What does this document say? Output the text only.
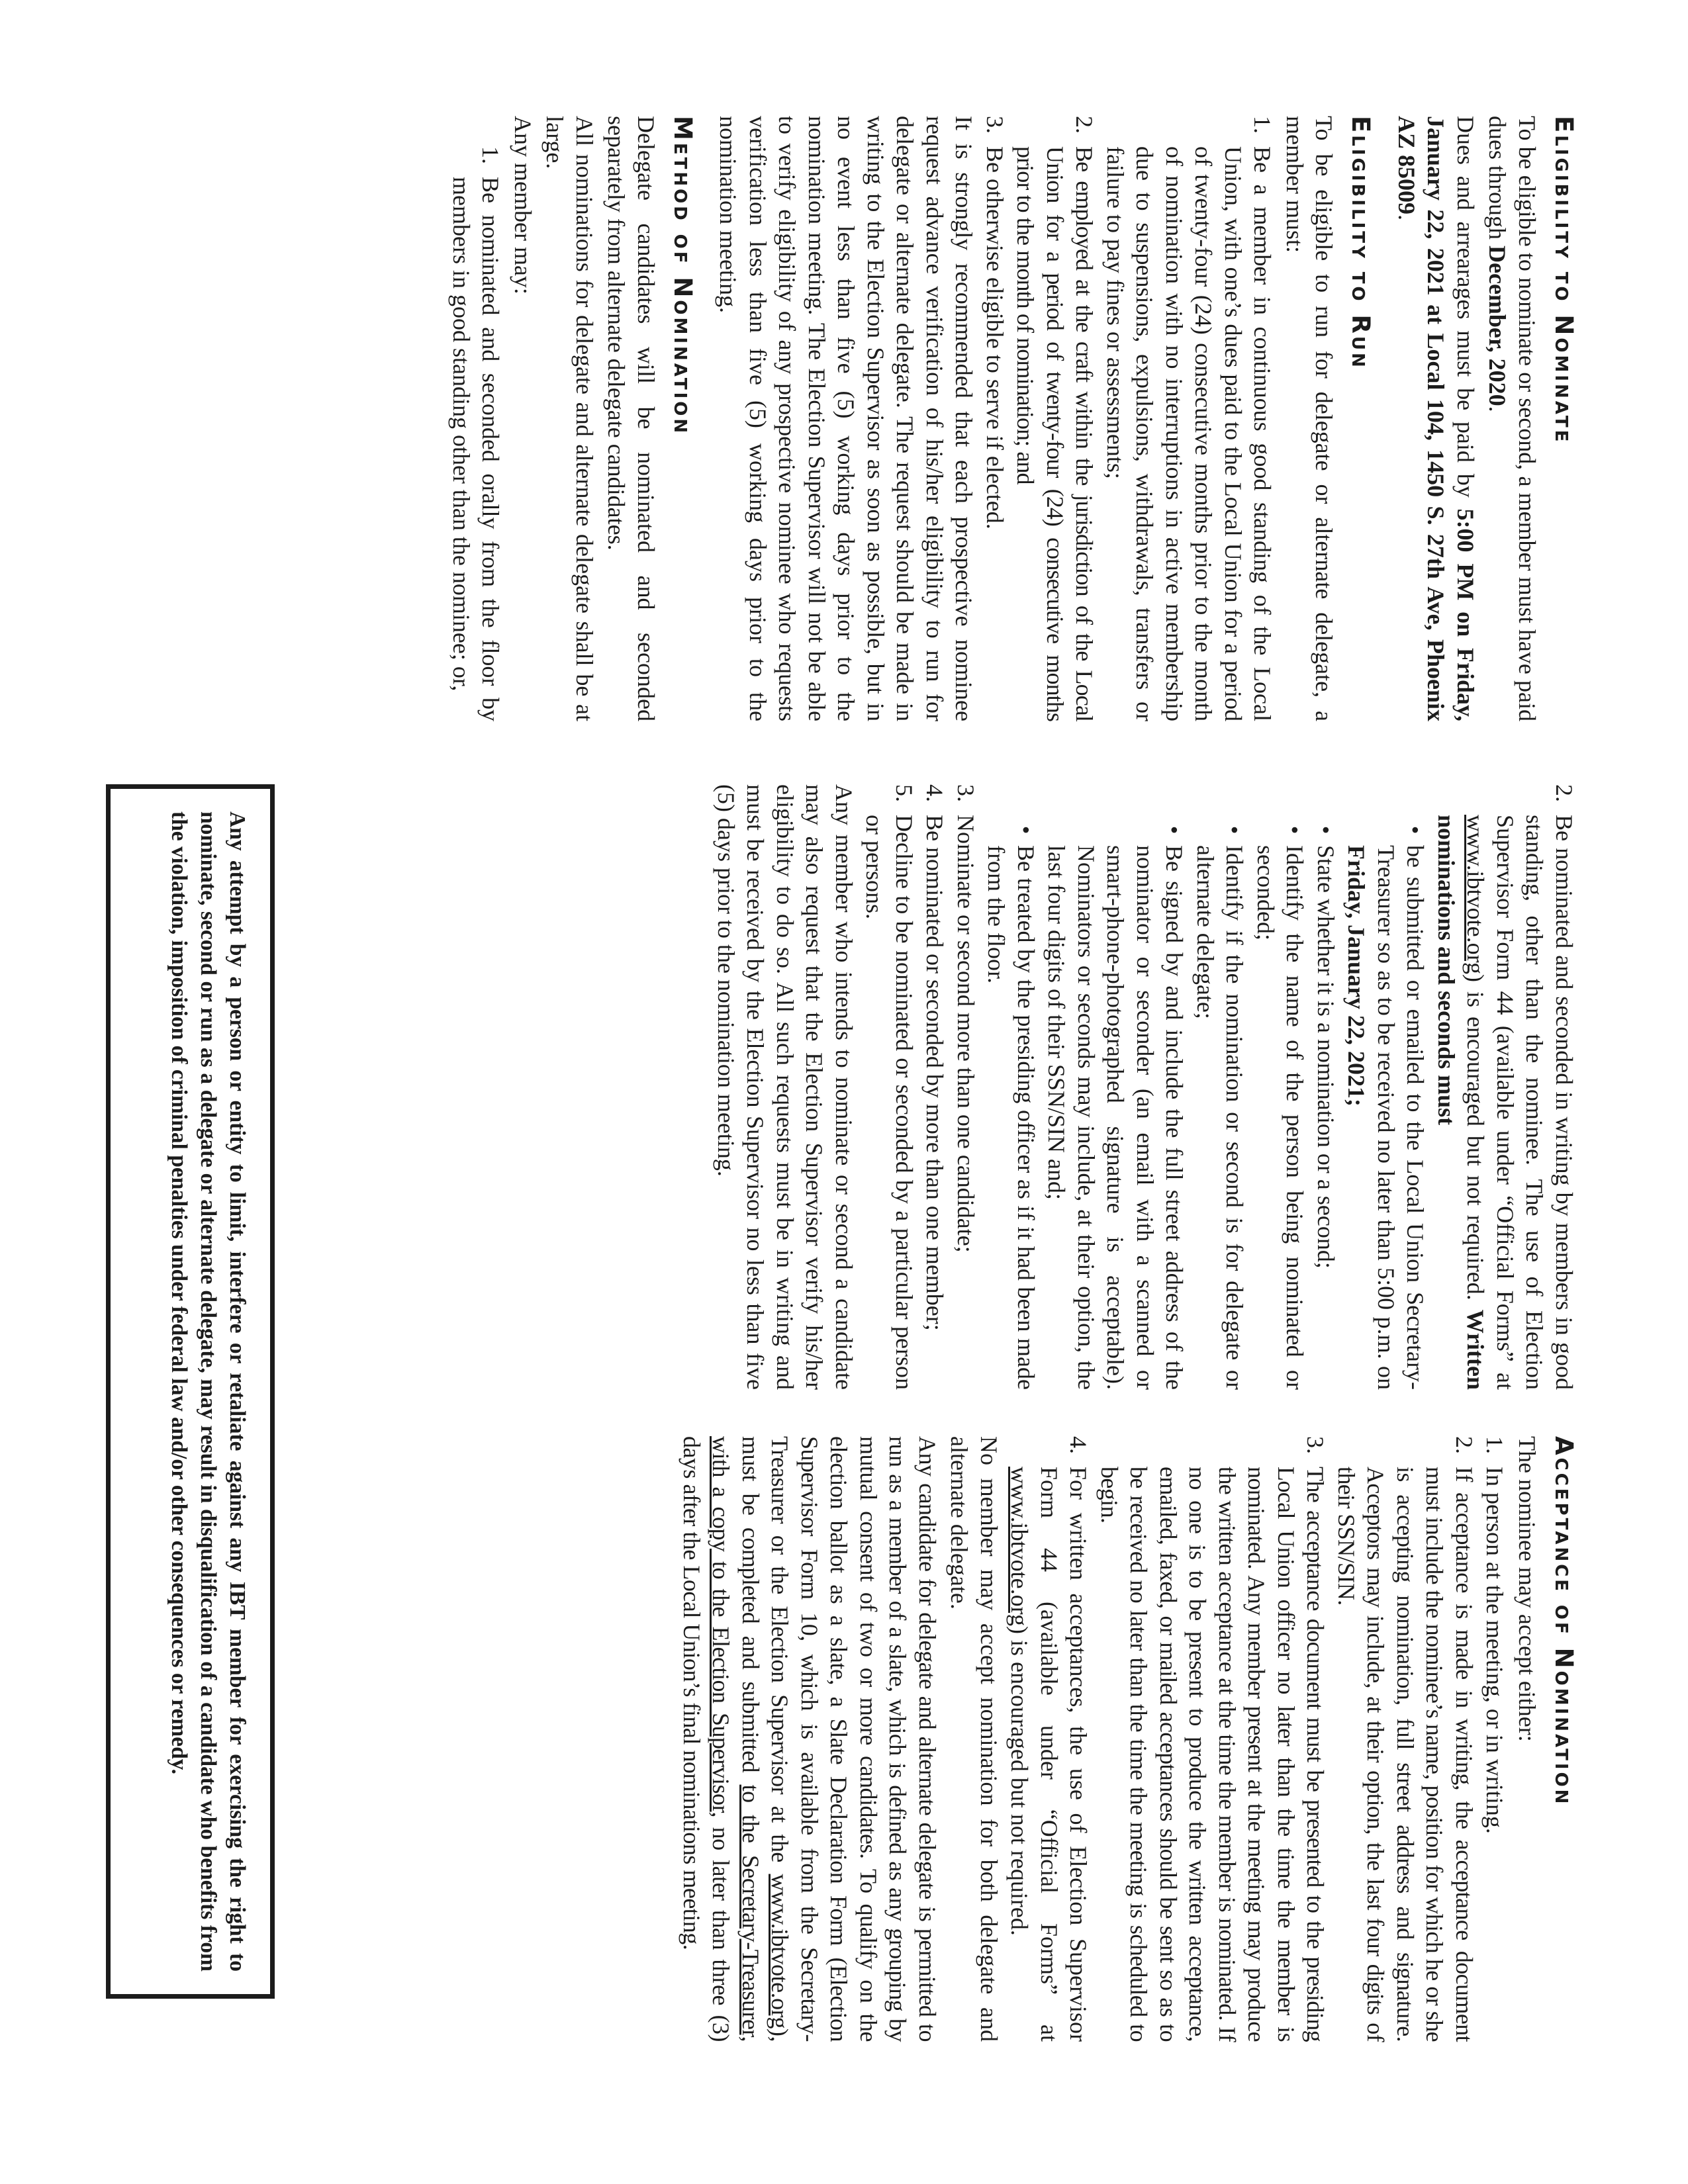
Eligibility to Nominate

To be eligible to nominate or second, a member must have paid dues through December, 2020.

Dues and arrearages must be paid by 5:00 PM on Friday, January 22, 2021 at Local 104, 1450 S. 27th Ave, Phoenix AZ 85009.

Eligibility to Run

To be eligible to run for delegate or alternate delegate, a member must:

1.
Be a member in continuous good standing of the Local Union, with one’s dues paid to the Local Union for a period of twenty-four (24) consecutive months prior to the month of nomination with no interruptions in active membership due to suspensions, expulsions, withdrawals, transfers or failure to pay fines or assessments;
2.
Be employed at the craft within the jurisdiction of the Local Union for a period of twenty-four (24) consecutive months prior to the month of nomination; and
3.
Be otherwise eligible to serve if elected.

It is strongly recommended that each prospective nominee request advance verification of his/her eligibility to run for delegate or alternate delegate. The request should be made in writing to the Election Supervisor as soon as possible, but in no event less than five (5) working days prior to the nomination meeting. The Election Supervisor will not be able to verify eligibility of any prospective nominee who requests verification less than five (5) working days prior to the nomination meeting.

Method of Nomination

Delegate candidates will be nominated and seconded separately from alternate delegate candidates.

All nominations for delegate and alternate delegate shall be at large.

Any member may:

1.
Be nominated and seconded orally from the floor by members in good standing other than the nominee; or,
2.
Be nominated and seconded in writing by members in good standing, other than the nominee. The use of Election Supervisor Form 44 (available under “Official Forms” at www.ibtvote.org) is encouraged but not required. Written nominations and seconds must
•
be submitted or emailed to the Local Union Secretary-Treasurer so as to be received no later than 5:00 p.m. on Friday, January 22, 2021;
•
State whether it is a nomination or a second;
•
Identify the name of the person being nominated or seconded;
•
Identify if the nomination or second is for delegate or alternate delegate;
•
Be signed by and include the full street address of the nominator or seconder (an email with a scanned or smart-phone-photographed signature is acceptable). Nominators or seconds may include, at their option, the last four digits of their SSN/SIN and;
•
Be treated by the presiding officer as if it had been made from the floor.
3.
Nominate or second more than one candidate;
4.
Be nominated or seconded by more than one member;
5.
Decline to be nominated or seconded by a particular person or persons.

Any member who intends to nominate or second a candidate may also request that the Election Supervisor verify his/her eligibility to do so. All such requests must be in writing and must be received by the Election Supervisor no less than five (5) days prior to the nomination meeting.

Acceptance of Nomination

The nominee may accept either:

1.
In person at the meeting, or in writing.
2.
If acceptance is made in writing, the acceptance document must include the nominee’s name, position for which he or she is accepting nomination, full street address and signature. Acceptors may include, at their option, the last four digits of their SSN/SIN.
3.
The acceptance document must be presented to the presiding Local Union officer no later than the time the member is nominated. Any member present at the meeting may produce the written acceptance at the time the member is nominated. If no one is to be present to produce the written acceptance, emailed, faxed, or mailed acceptances should be sent so as to be received no later than the time the meeting is scheduled to begin.
4.
For written acceptances, the use of Election Supervisor Form 44 (available under “Official Forms” at www.ibtvote.org) is encouraged but not required.

No member may accept nomination for both delegate and alternate delegate.

Any candidate for delegate and alternate delegate is permitted to run as a member of a slate, which is defined as any grouping by mutual consent of two or more candidates. To qualify on the election ballot as a slate, a Slate Declaration Form (Election Supervisor Form 10, which is available from the Secretary-Treasurer or the Election Supervisor at the www.ibtvote.org), must be completed and submitted to the Secretary-Treasurer, with a copy to the Election Supervisor, no later than three (3) days after the Local Union’s final nominations meeting.

Any attempt by a person or entity to limit, interfere or retaliate against any IBT member for exercising the right to nominate, second or run as a delegate or alternate delegate, may result in disqualification of a candidate who benefits from the violation, imposition of criminal penalties under federal law and/or other consequences or remedy.
